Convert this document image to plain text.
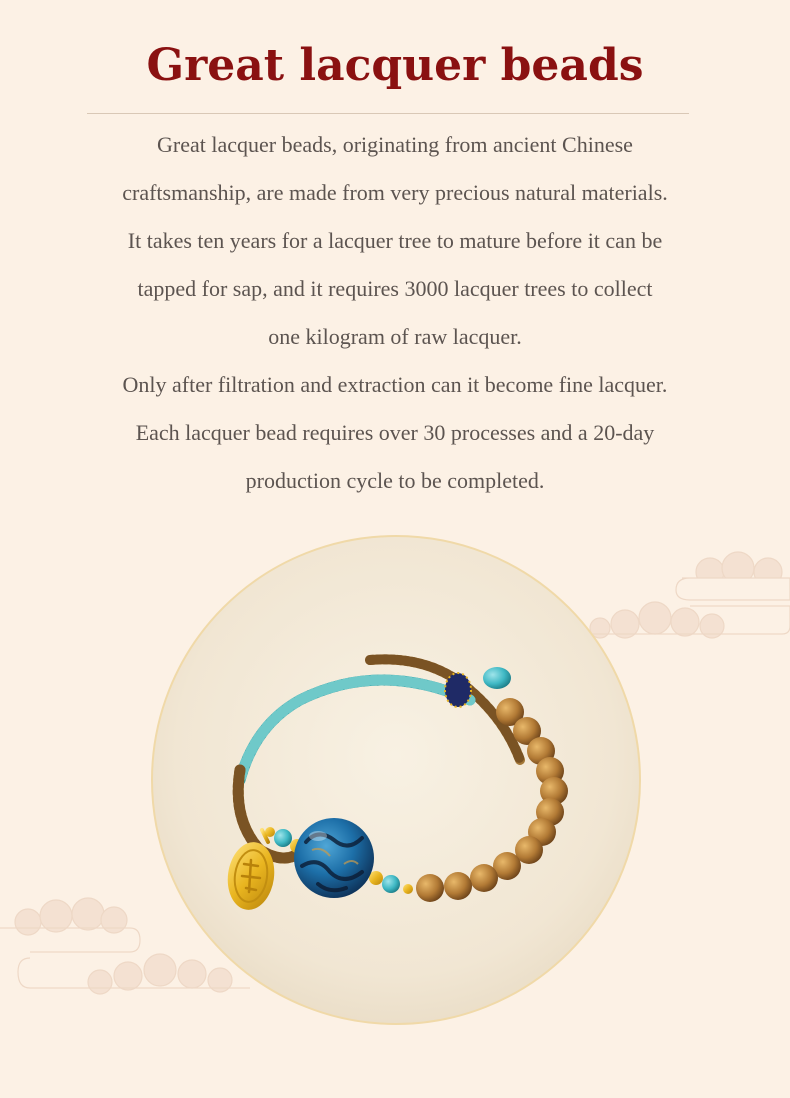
Great lacquer beads
Great lacquer beads, originating from ancient Chinese
craftsmanship, are made from very precious natural materials.
It takes ten years for a lacquer tree to mature before it can be
tapped for sap, and it requires 3000 lacquer trees to collect
one kilogram of raw lacquer.
Only after filtration and extraction can it become fine lacquer.
Each lacquer bead requires over 30 processes and a 20-day
production cycle to be completed.
